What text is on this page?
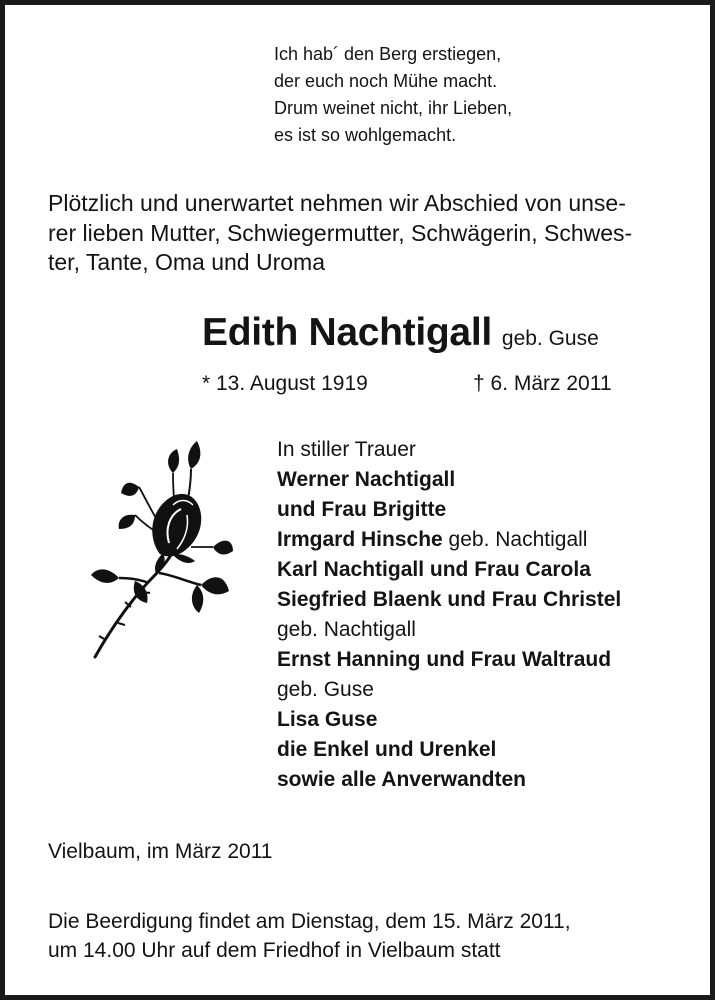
Ich hab´ den Berg erstiegen,
der euch noch Mühe macht.
Drum weinet nicht, ihr Lieben,
es ist so wohlgemacht.
Plötzlich und unerwartet nehmen wir Abschied von unse-
rer lieben Mutter, Schwiegermutter, Schwägerin, Schwes-
ter, Tante, Oma und Uroma
Edith Nachtigall geb. Guse
* 13. August 1919	† 6. März 2011
In stiller Trauer
Werner Nachtigall
und Frau Brigitte
Irmgard Hinsche geb. Nachtigall
Karl Nachtigall und Frau Carola
Siegfried Blaenk und Frau Christel
geb. Nachtigall
Ernst Hanning und Frau Waltraud
geb. Guse
Lisa Guse
die Enkel und Urenkel
sowie alle Anverwandten
Vielbaum, im März 2011
Die Beerdigung findet am Dienstag, dem 15. März 2011,
um 14.00 Uhr auf dem Friedhof in Vielbaum statt
